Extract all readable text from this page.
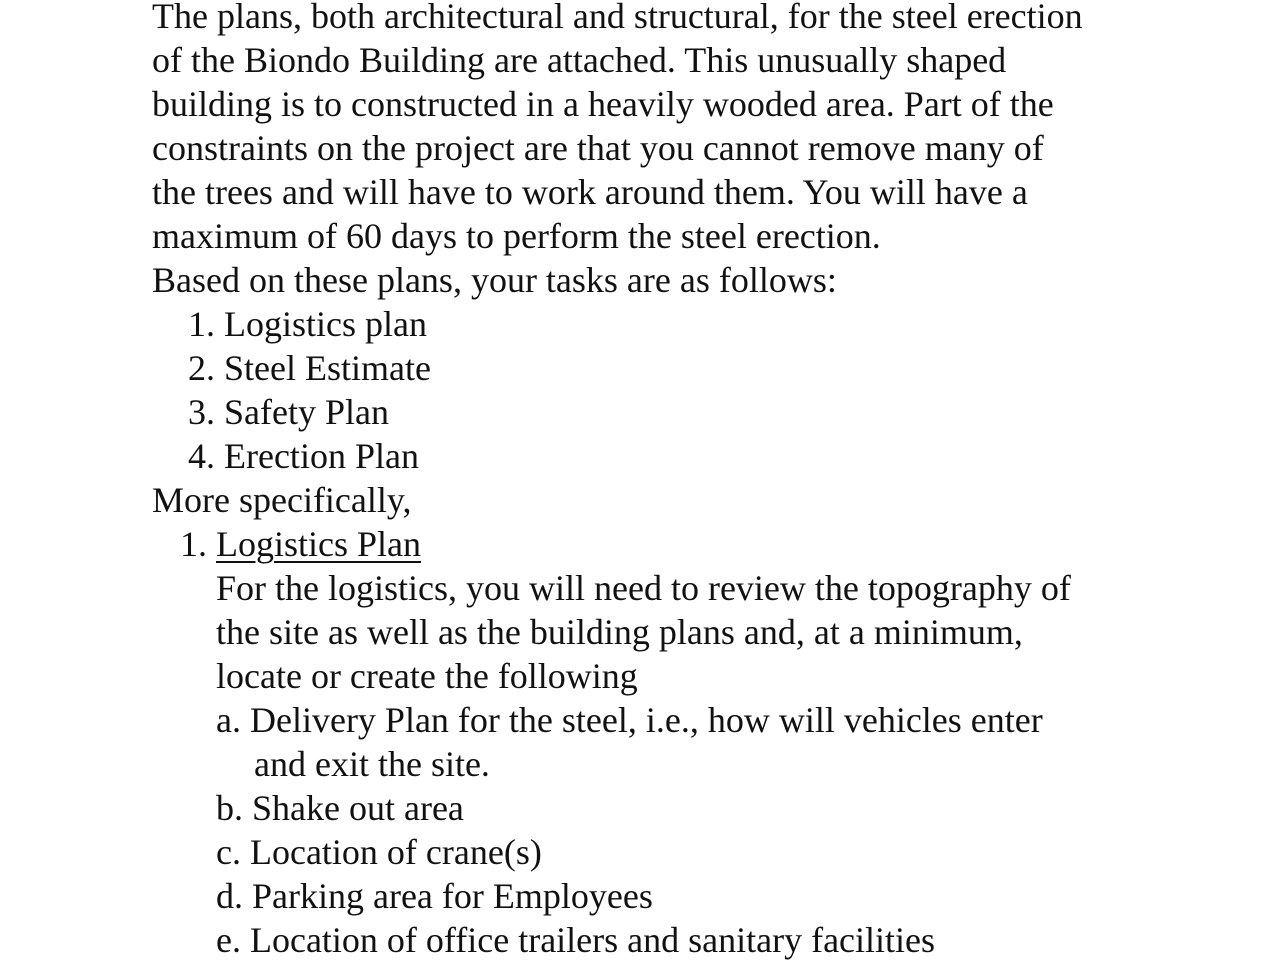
The plans, both architectural and structural, for the steel erection
of the Biondo Building are attached. This unusually shaped
building is to constructed in a heavily wooded area. Part of the
constraints on the project are that you cannot remove many of
the trees and will have to work around them. You will have a
maximum of 60 days to perform the steel erection.
Based on these plans, your tasks are as follows:
1. Logistics plan
2. Steel Estimate
3. Safety Plan
4. Erection Plan
More specifically,
1. Logistics Plan
For the logistics, you will need to review the topography of
the site as well as the building plans and, at a minimum,
locate or create the following
a. Delivery Plan for the steel, i.e., how will vehicles enter
and exit the site.
b. Shake out area
c. Location of crane(s)
d. Parking area for Employees
e. Location of office trailers and sanitary facilities
